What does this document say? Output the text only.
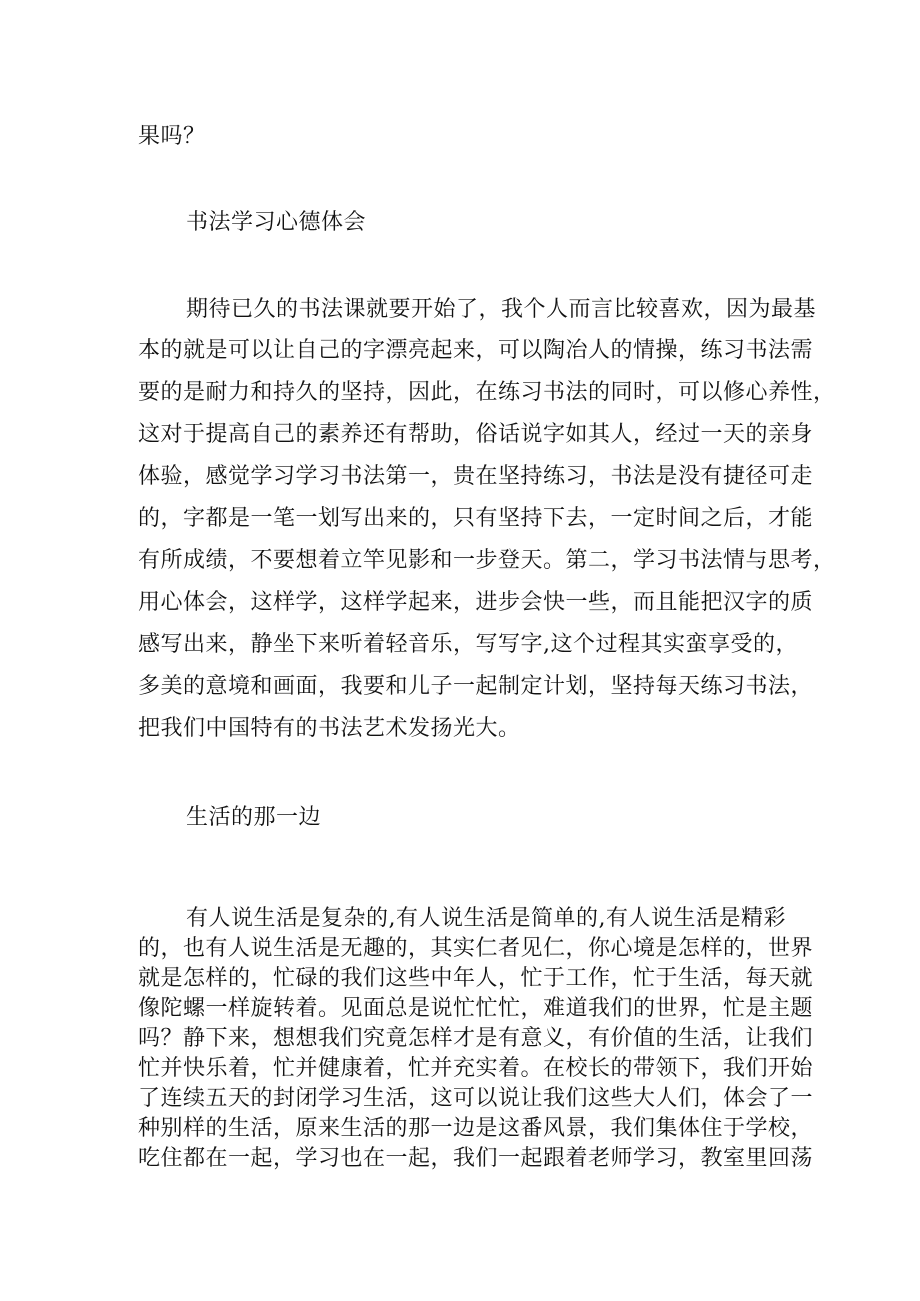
果吗？
书法学习心德体会
期待已久的书法课就要开始了，我个人而言比较喜欢，因为最基
本的就是可以让自己的字漂亮起来，可以陶冶人的情操，练习书法需
要的是耐力和持久的坚持，因此，在练习书法的同时，可以修心养性，
这对于提高自己的素养还有帮助，俗话说字如其人，经过一天的亲身
体验，感觉学习学习书法第一，贵在坚持练习，书法是没有捷径可走
的，字都是一笔一划写出来的，只有坚持下去，一定时间之后，才能
有所成绩，不要想着立竿见影和一步登天。第二，学习书法情与思考，
用心体会，这样学，这样学起来，进步会快一些，而且能把汉字的质
感写出来，静坐下来听着轻音乐，写写字,这个过程其实蛮享受的，
多美的意境和画面，我要和儿子一起制定计划，坚持每天练习书法，
把我们中国特有的书法艺术发扬光大。
生活的那一边
有人说生活是复杂的,有人说生活是简单的,有人说生活是精彩
的，也有人说生活是无趣的，其实仁者见仁，你心境是怎样的，世界
就是怎样的，忙碌的我们这些中年人，忙于工作，忙于生活，每天就
像陀螺一样旋转着。见面总是说忙忙忙，难道我们的世界，忙是主题
吗？静下来，想想我们究竟怎样才是有意义，有价值的生活，让我们
忙并快乐着，忙并健康着，忙并充实着。在校长的带领下，我们开始
了连续五天的封闭学习生活，这可以说让我们这些大人们，体会了一
种别样的生活，原来生活的那一边是这番风景，我们集体住于学校，
吃住都在一起，学习也在一起，我们一起跟着老师学习，教室里回荡
